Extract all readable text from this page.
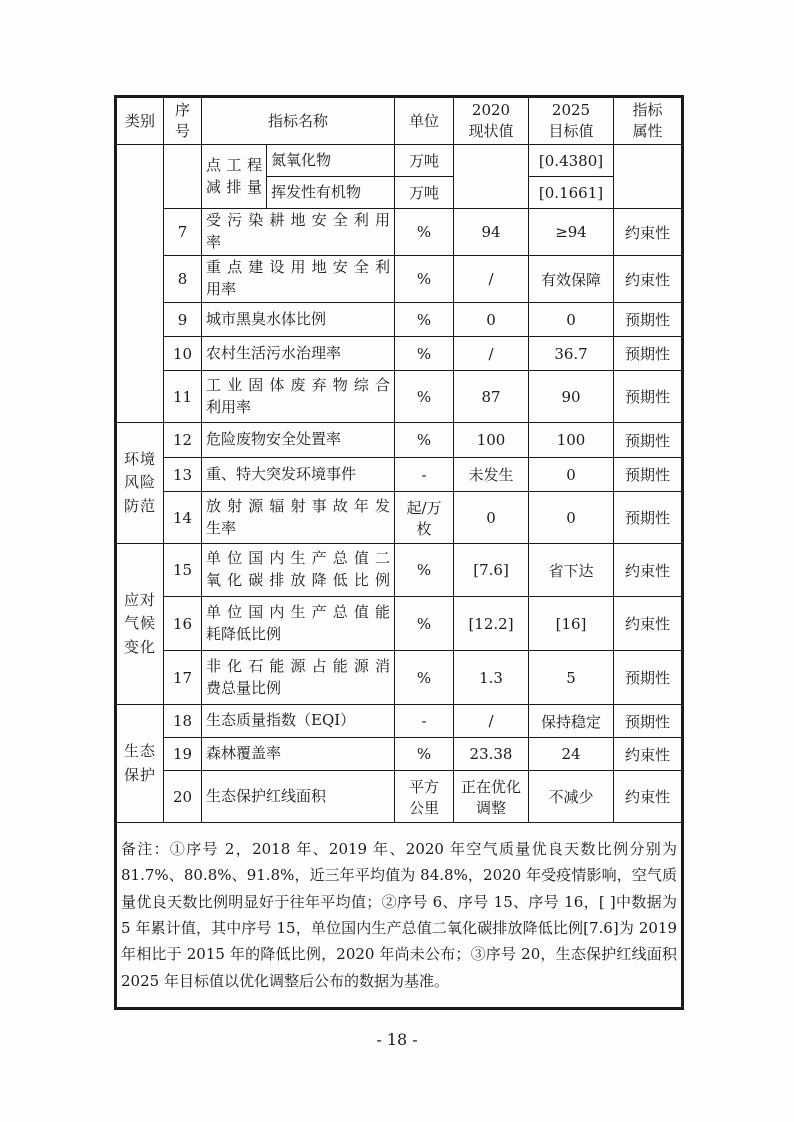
类别	序号	指标名称		单位	2020
现状值	2025
目标值	指标
属性

		点工程
减排量	氮氧化物	万吨		[0.4380]	
			挥发性有机物	万吨		[0.1661]	
	7	受污染耕地安全利用
率		%	94	≥94	约束性
	8	重点建设用地安全利
用率		%	/	有效保障	约束性
	9	城市黑臭水体比例		%	0	0	预期性
	10	农村生活污水治理率		%	/	36.7	预期性
	11	工业固体废弃物综合
利用率		%	87	90	预期性

环境
风险
防范	12	危险废物安全处置率		%	100	100	预期性
	13	重、特大突发环境事件		-	未发生	0	预期性
	14	放射源辐射事故年发
生率		起/万
枚	0	0	预期性

应对
气候
变化	15	单位国内生产总值二
氧化碳排放降低比例		%	[7.6]	省下达	约束性
	16	单位国内生产总值能
耗降低比例		%	[12.2]	[16]	约束性
	17	非化石能源占能源消
费总量比例		%	1.3	5	预期性

生态
保护	18	生态质量指数（EQI）		-	/	保持稳定	预期性
	19	森林覆盖率		%	23.38	24	约束性
	20	生态保护红线面积		平方
公里	正在优化
调整	不减少	约束性
备注：①序号 2，2018 年、2019 年、2020 年空气质量优良天数比例分别为 81.7%、80.8%、91.8%，近三年平均值为 84.8%，2020 年受疫情影响，空气质量优良天数比例明显好于往年平均值；②序号 6、序号 15、序号 16，[ ]中数据为 5 年累计值，其中序号 15，单位国内生产总值二氧化碳排放降低比例[7.6]为 2019 年相比于 2015 年的降低比例，2020 年尚未公布；③序号 20，生态保护红线面积 2025 年目标值以优化调整后公布的数据为基准。							
- 18 -
